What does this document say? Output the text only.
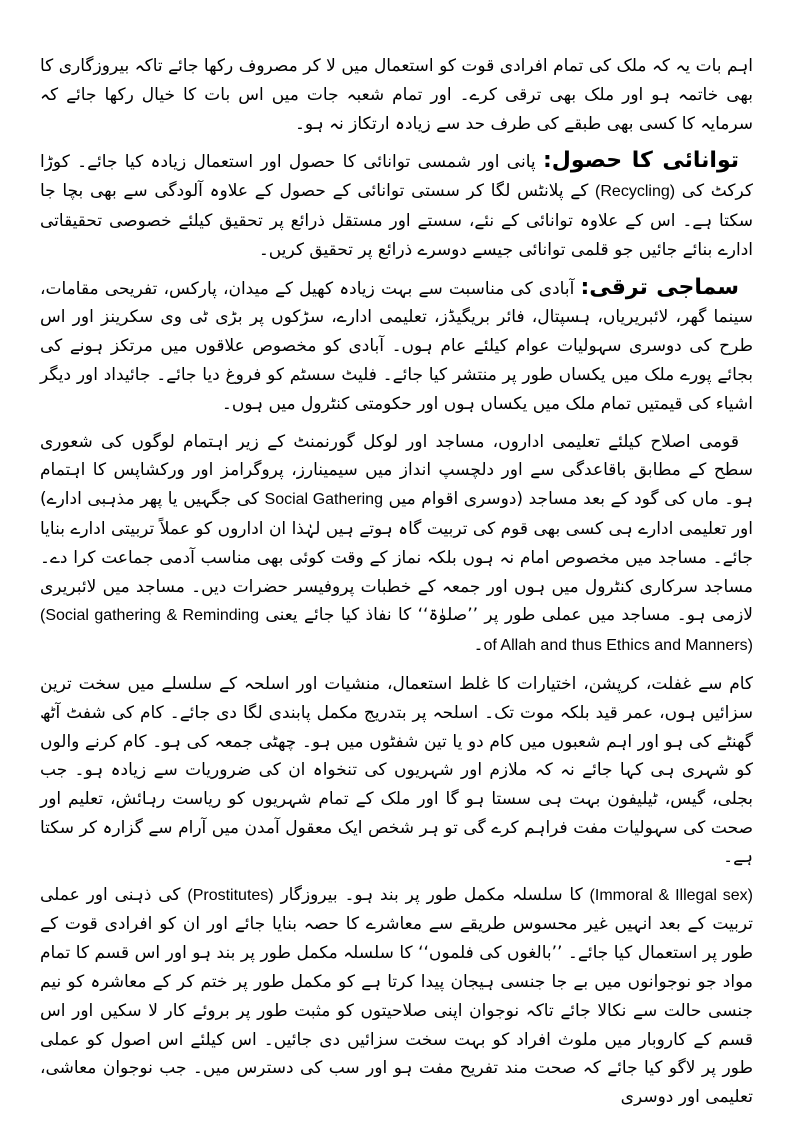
اہم بات یہ کہ ملک کی تمام افرادی قوت کو استعمال میں لا کر مصروف رکھا جائے تاکہ بیروزگاری کا بھی خاتمہ ہو اور ملک بھی ترقی کرے۔ اور تمام شعبہ جات میں اس بات کا خیال رکھا جائے کہ سرمایہ کا کسی بھی طبقے کی طرف حد سے زیادہ ارتکاز نہ ہو۔

توانائی کا حصول: پانی اور شمسی توانائی کا حصول اور استعمال زیادہ کیا جائے۔ کوڑا کرکٹ کی (Recycling) کے پلانٹس لگا کر سستی توانائی کے حصول کے علاوہ آلودگی سے بھی بچا جا سکتا ہے۔ اس کے علاوہ توانائی کے نئے، سستے اور مستقل ذرائع پر تحقیق کیلئے خصوصی تحقیقاتی ادارے بنائے جائیں جو قلمی توانائی جیسے دوسرے ذرائع پر تحقیق کریں۔

سماجی ترقی: آبادی کی مناسبت سے بہت زیادہ کھیل کے میدان، پارکس، تفریحی مقامات، سینما گھر، لائبریریاں، ہسپتال، فائر بریگیڈز، تعلیمی ادارے، سڑکوں پر بڑی ٹی وی سکرینز اور اس طرح کی دوسری سہولیات عوام کیلئے عام ہوں۔ آبادی کو مخصوص علاقوں میں مرتکز ہونے کی بجائے پورے ملک میں یکساں طور پر منتشر کیا جائے۔ فلیٹ سسٹم کو فروغ دیا جائے۔ جائیداد اور دیگر اشیاء کی قیمتیں تمام ملک میں یکساں ہوں اور حکومتی کنٹرول میں ہوں۔

قومی اصلاح کیلئے تعلیمی اداروں، مساجد اور لوکل گورنمنٹ کے زیر اہتمام لوگوں کی شعوری سطح کے مطابق باقاعدگی سے اور دلچسپ انداز میں سیمینارز، پروگرامز اور ورکشاپس کا اہتمام ہو۔ ماں کی گود کے بعد مساجد (دوسری اقوام میں Social Gathering کی جگہیں یا پھر مذہبی ادارے) اور تعلیمی ادارے ہی کسی بھی قوم کی تربیت گاہ ہوتے ہیں لہٰذا ان اداروں کو عملاً تربیتی ادارے بنایا جائے۔ مساجد میں مخصوص امام نہ ہوں بلکہ نماز کے وقت کوئی بھی مناسب آدمی جماعت کرا دے۔ مساجد سرکاری کنٹرول میں ہوں اور جمعہ کے خطبات پروفیسر حضرات دیں۔ مساجد میں لائبریری لازمی ہو۔ مساجد میں عملی طور پر ’’صلوٰۃ‘‘ کا نفاذ کیا جائے یعنی (Social gathering & Reminding of Allah and thus Ethics and Manners)۔

کام سے غفلت، کرپشن، اختیارات کا غلط استعمال، منشیات اور اسلحہ کے سلسلے میں سخت ترین سزائیں ہوں، عمر قید بلکہ موت تک۔ اسلحہ پر بتدریج مکمل پابندی لگا دی جائے۔ کام کی شفٹ آٹھ گھنٹے کی ہو اور اہم شعبوں میں کام دو یا تین شفٹوں میں ہو۔ چھٹی جمعہ کی ہو۔ کام کرنے والوں کو شہری ہی کہا جائے نہ کہ ملازم اور شہریوں کی تنخواہ ان کی ضروریات سے زیادہ ہو۔ جب بجلی، گیس، ٹیلیفون بہت ہی سستا ہو گا اور ملک کے تمام شہریوں کو ریاست رہائش، تعلیم اور صحت کی سہولیات مفت فراہم کرے گی تو ہر شخص ایک معقول آمدن میں آرام سے گزارہ کر سکتا ہے۔

(Immoral & Illegal sex) کا سلسلہ مکمل طور پر بند ہو۔ بیروزگار (Prostitutes) کی ذہنی اور عملی تربیت کے بعد انہیں غیر محسوس طریقے سے معاشرے کا حصہ بنایا جائے اور ان کو افرادی قوت کے طور پر استعمال کیا جائے۔ ’’بالغوں کی فلموں‘‘ کا سلسلہ مکمل طور پر بند ہو اور اس قسم کا تمام مواد جو نوجوانوں میں بے جا جنسی ہیجان پیدا کرتا ہے کو مکمل طور پر ختم کر کے معاشرہ کو نیم جنسی حالت سے نکالا جائے تاکہ نوجوان اپنی صلاحیتوں کو مثبت طور پر بروئے کار لا سکیں اور اس قسم کے کاروبار میں ملوث افراد کو بہت سخت سزائیں دی جائیں۔ اس کیلئے اس اصول کو عملی طور پر لاگو کیا جائے کہ صحت مند تفریح مفت ہو اور سب کی دسترس میں۔ جب نوجوان معاشی، تعلیمی اور دوسری
